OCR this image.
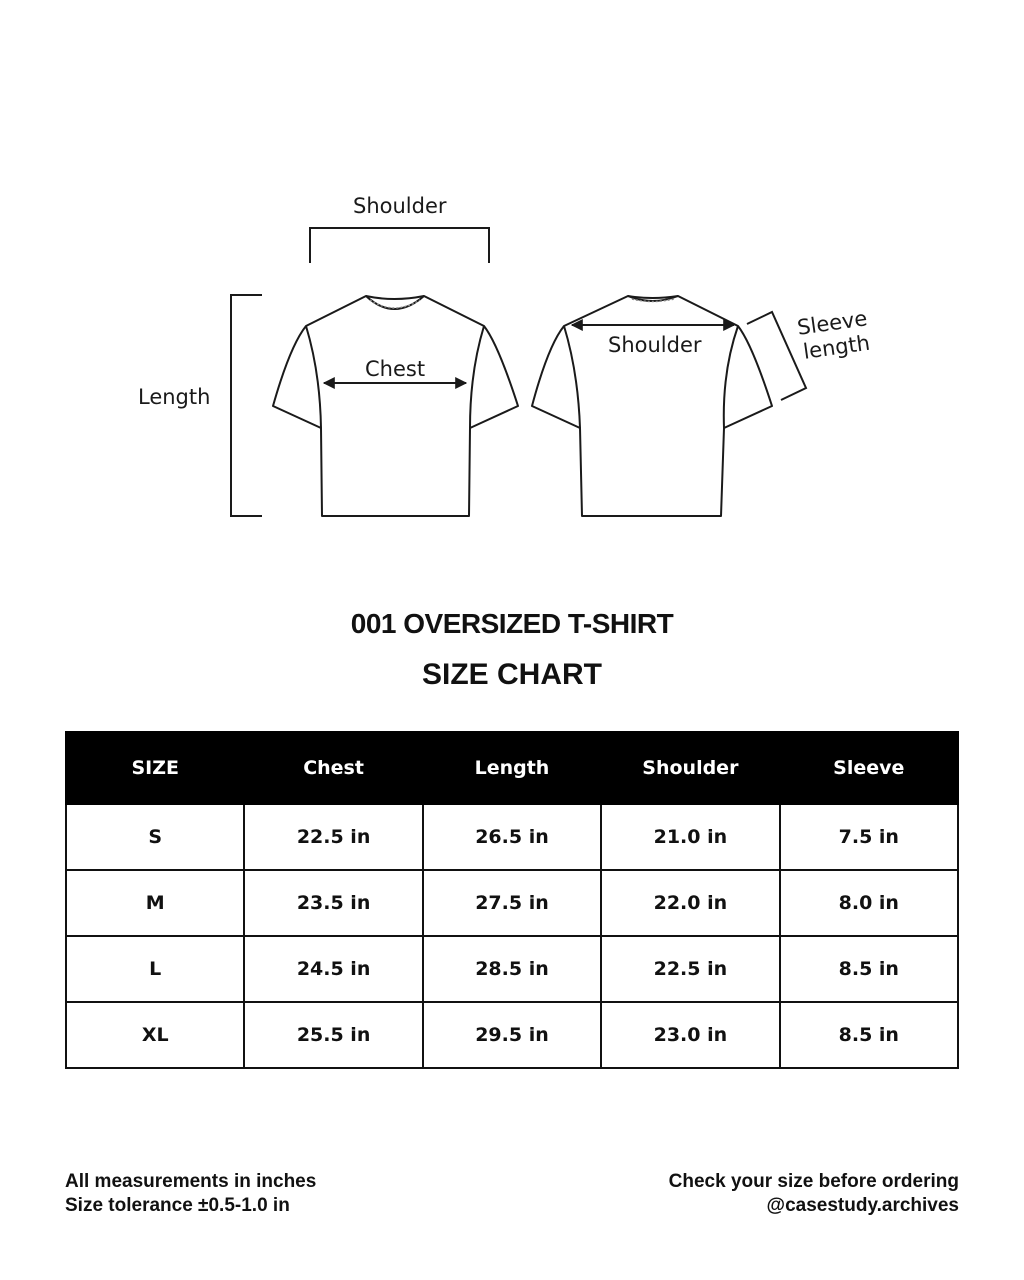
Shoulder
Length
Chest
Shoulder
Sleeve
length
001 OVERSIZED T-SHIRT
SIZE CHART
SIZE	Chest	Length	Shoulder	Sleeve
S	22.5 in	26.5 in	21.0 in	7.5 in
M	23.5 in	27.5 in	22.0 in	8.0 in
L	24.5 in	28.5 in	22.5 in	8.5 in
XL	25.5 in	29.5 in	23.0 in	8.5 in
All measurements in inches
Size tolerance ±0.5-1.0 in
Check your size before ordering
@casestudy.archives
